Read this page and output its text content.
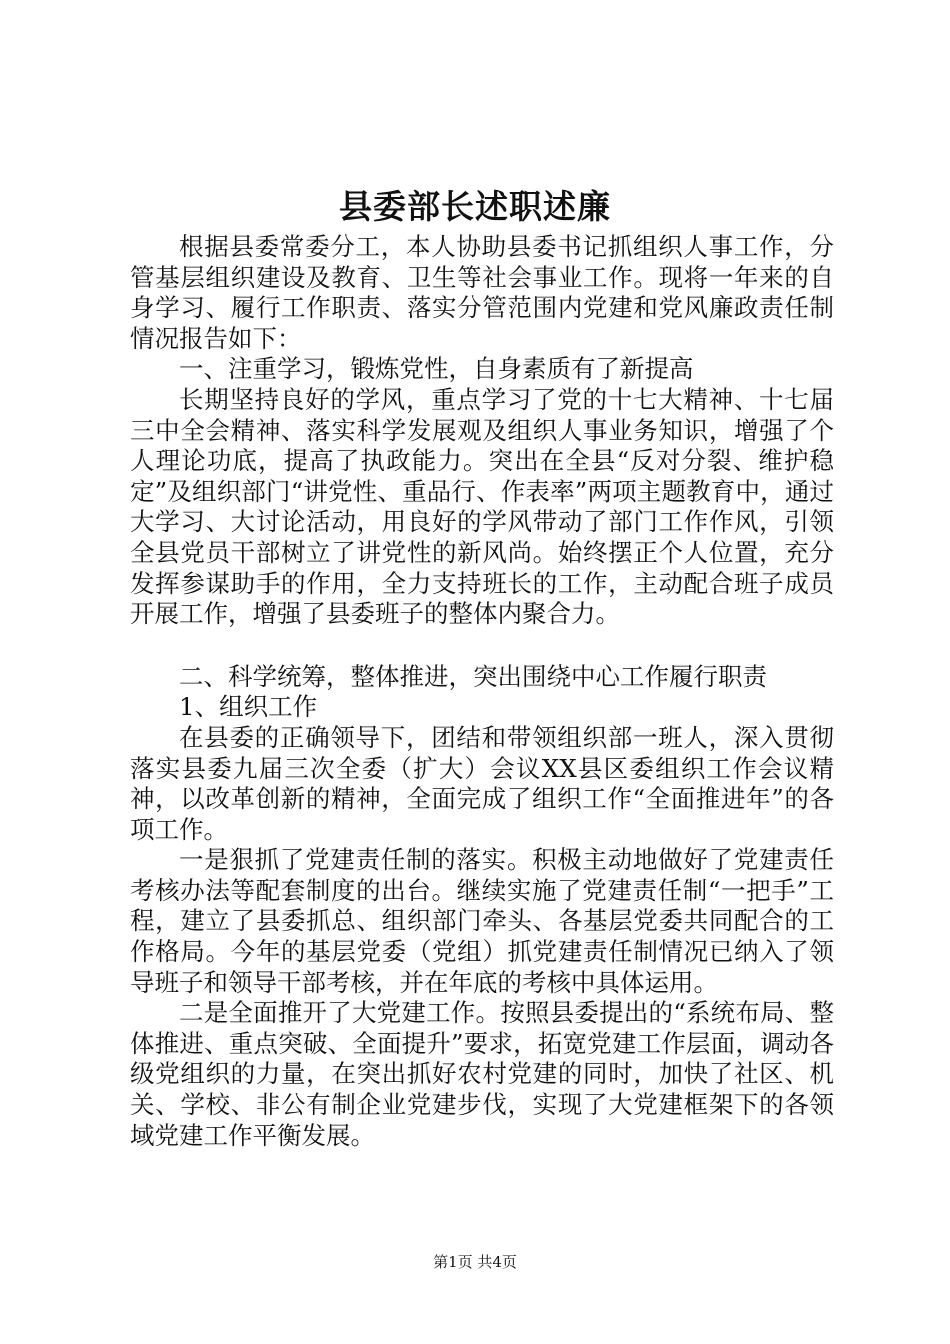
县委部长述职述廉

根据县委常委分工，本人协助县委书记抓组织人事工作，分管基层组织建设及教育、卫生等社会事业工作。现将一年来的自身学习、履行工作职责、落实分管范围内党建和党风廉政责任制情况报告如下：

一、注重学习，锻炼党性，自身素质有了新提高

长期坚持良好的学风，重点学习了党的十七大精神、十七届三中全会精神、落实科学发展观及组织人事业务知识，增强了个人理论功底，提高了执政能力。突出在全县“反对分裂、维护稳定”及组织部门“讲党性、重品行、作表率”两项主题教育中，通过大学习、大讨论活动，用良好的学风带动了部门工作作风，引领全县党员干部树立了讲党性的新风尚。始终摆正个人位置，充分发挥参谋助手的作用，全力支持班长的工作，主动配合班子成员开展工作，增强了县委班子的整体内聚合力。

二、科学统筹，整体推进，突出围绕中心工作履行职责

1、组织工作

在县委的正确领导下，团结和带领组织部一班人，深入贯彻落实县委九届三次全委（扩大）会议XX县区委组织工作会议精神，以改革创新的精神，全面完成了组织工作“全面推进年”的各项工作。

一是狠抓了党建责任制的落实。积极主动地做好了党建责任考核办法等配套制度的出台。继续实施了党建责任制“一把手”工程，建立了县委抓总、组织部门牵头、各基层党委共同配合的工作格局。今年的基层党委（党组）抓党建责任制情况已纳入了领导班子和领导干部考核，并在年底的考核中具体运用。

二是全面推开了大党建工作。按照县委提出的“系统布局、整体推进、重点突破、全面提升”要求，拓宽党建工作层面，调动各级党组织的力量，在突出抓好农村党建的同时，加快了社区、机关、学校、非公有制企业党建步伐，实现了大党建框架下的各领域党建工作平衡发展。

第1页 共4页
